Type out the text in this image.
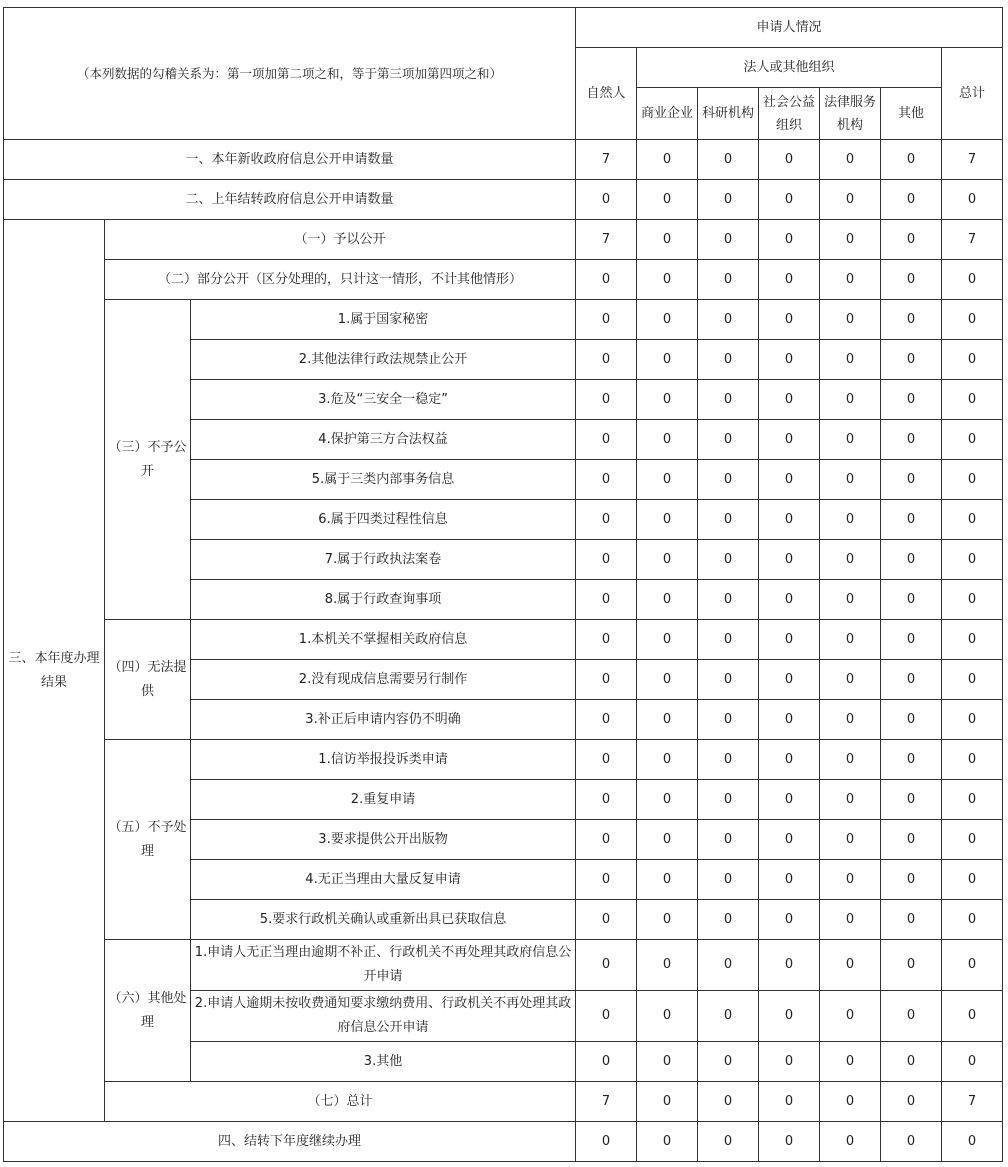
（本列数据的勾稽关系为：第一项加第二项之和，等于第三项加第四项之和）			申请人情况						
			自然人	法人或其他组织					总计
				商业企业	科研机构	社会公益组织	法律服务机构	其他	
一、本年新收政府信息公开申请数量			7	0	0	0	0	0	7
二、上年结转政府信息公开申请数量			0	0	0	0	0	0	0
三、本年度办理结果	（一）予以公开		7	0	0	0	0	0	7
	（二）部分公开（区分处理的，只计这一情形，不计其他情形）		0	0	0	0	0	0	0
	（三）不予公开	1.属于国家秘密	0	0	0	0	0	0	0
		2.其他法律行政法规禁止公开	0	0	0	0	0	0	0
		3.危及“三安全一稳定”	0	0	0	0	0	0	0
		4.保护第三方合法权益	0	0	0	0	0	0	0
		5.属于三类内部事务信息	0	0	0	0	0	0	0
		6.属于四类过程性信息	0	0	0	0	0	0	0
		7.属于行政执法案卷	0	0	0	0	0	0	0
		8.属于行政查询事项	0	0	0	0	0	0	0
	（四）无法提供	1.本机关不掌握相关政府信息	0	0	0	0	0	0	0
		2.没有现成信息需要另行制作	0	0	0	0	0	0	0
		3.补正后申请内容仍不明确	0	0	0	0	0	0	0
	（五）不予处理	1.信访举报投诉类申请	0	0	0	0	0	0	0
		2.重复申请	0	0	0	0	0	0	0
		3.要求提供公开出版物	0	0	0	0	0	0	0
		4.无正当理由大量反复申请	0	0	0	0	0	0	0
		5.要求行政机关确认或重新出具已获取信息	0	0	0	0	0	0	0
	（六）其他处理	1.申请人无正当理由逾期不补正、行政机关不再处理其政府信息公开申请	0	0	0	0	0	0	0
		2.申请人逾期未按收费通知要求缴纳费用、行政机关不再处理其政府信息公开申请	0	0	0	0	0	0	0
		3.其他	0	0	0	0	0	0	0
	（七）总计		7	0	0	0	0	0	7
四、结转下年度继续办理			0	0	0	0	0	0	0
